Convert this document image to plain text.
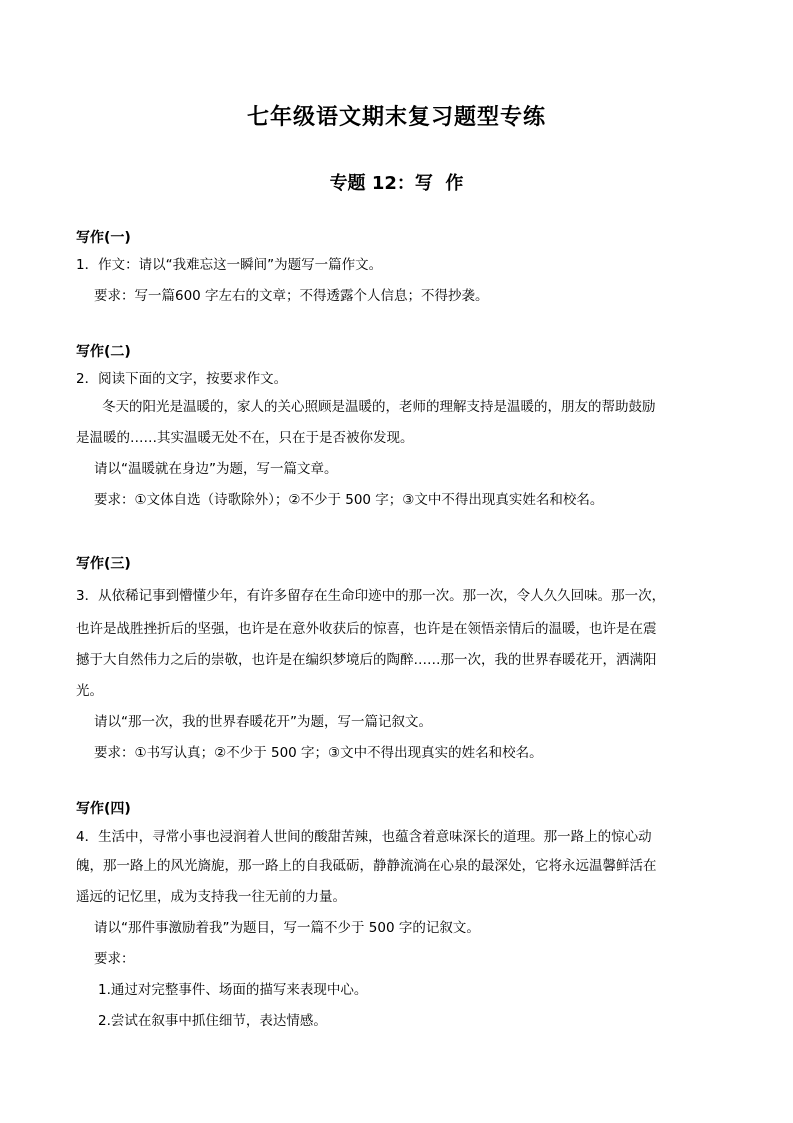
七年级语文期末复习题型专练
专题 12：写  作
写作(一)
1．作文：请以“我难忘这一瞬间”为题写一篇作文。
要求：写一篇600 字左右的文章；不得透露个人信息；不得抄袭。
写作(二)
2．阅读下面的文字，按要求作文。
冬天的阳光是温暖的，家人的关心照顾是温暖的，老师的理解支持是温暖的，朋友的帮助鼓励
是温暖的……其实温暖无处不在，只在于是否被你发现。
请以“温暖就在身边”为题，写一篇文章。
要求：①文体自选（诗歌除外）；②不少于 500 字；③文中不得出现真实姓名和校名。
写作(三)
3．从依稀记事到懵懂少年，有许多留存在生命印迹中的那一次。那一次，令人久久回味。那一次，
也许是战胜挫折后的坚强，也许是在意外收获后的惊喜，也许是在领悟亲情后的温暖，也许是在震
撼于大自然伟力之后的崇敬，也许是在编织梦境后的陶醉……那一次，我的世界春暖花开，洒满阳
光。
请以“那一次，我的世界春暖花开”为题，写一篇记叙文。
要求：①书写认真；②不少于 500 字；③文中不得出现真实的姓名和校名。
写作(四)
4．生活中，寻常小事也浸润着人世间的酸甜苦辣，也蕴含着意味深长的道理。那一路上的惊心动
魄，那一路上的风光旖旎，那一路上的自我砥砺，静静流淌在心泉的最深处，它将永远温馨鲜活在
遥远的记忆里，成为支持我一往无前的力量。
请以“那件事激励着我”为题目，写一篇不少于 500 字的记叙文。
要求：
1.通过对完整事件、场面的描写来表现中心。
2.尝试在叙事中抓住细节，表达情感。
